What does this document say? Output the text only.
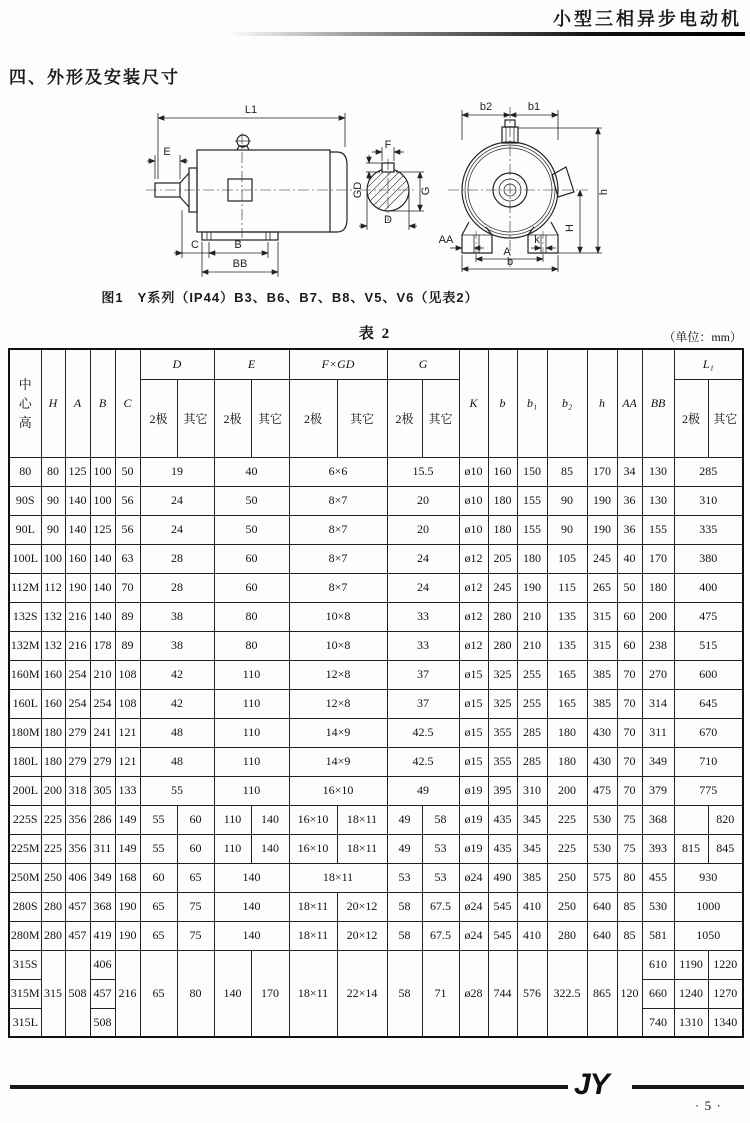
小型三相异步电动机
四、外形及安装尺寸
L1
E
C	B
BB
F
GD	G
D
b2	b1
h
H
AA	k
A
b
图1　Y系列（IP44）B3、B6、B7、B8、V5、V6（见表2）
表 2	（单位：mm）
中心高	H	A	B	C	D		E		F×GD		G		K	b	b₁	b₂	h	AA	BB	L₁	
					2极	其它	2极	其它	2极	其它	2极	其它								2极	其它
80	80	125	100	50	19		40		6×6		15.5		ø10	160	150	85	170	34	130	285	
90S	90	140	100	56	24		50		8×7		20		ø10	180	155	90	190	36	130	310	
90L	90	140	125	56	24		50		8×7		20		ø10	180	155	90	190	36	155	335	
100L	100	160	140	63	28		60		8×7		24		ø12	205	180	105	245	40	170	380	
112M	112	190	140	70	28		60		8×7		24		ø12	245	190	115	265	50	180	400	
132S	132	216	140	89	38		80		10×8		33		ø12	280	210	135	315	60	200	475	
132M	132	216	178	89	38		80		10×8		33		ø12	280	210	135	315	60	238	515	
160M	160	254	210	108	42		110		12×8		37		ø15	325	255	165	385	70	270	600	
160L	160	254	254	108	42		110		12×8		37		ø15	325	255	165	385	70	314	645	
180M	180	279	241	121	48		110		14×9		42.5		ø15	355	285	180	430	70	311	670	
180L	180	279	279	121	48		110		14×9		42.5		ø15	355	285	180	430	70	349	710	
200L	200	318	305	133	55		110		16×10		49		ø19	395	310	200	475	70	379	775	
225S	225	356	286	149	55	60	110	140	16×10	18×11	49	58	ø19	435	345	225	530	75	368		820
225M	225	356	311	149	55	60	110	140	16×10	18×11	49	53	ø19	435	345	225	530	75	393	815	845
250M	250	406	349	168	60	65	140		18×11		53	53	ø24	490	385	250	575	80	455	930	
280S	280	457	368	190	65	75	140		18×11	20×12	58	67.5	ø24	545	410	250	640	85	530	1000	
280M	280	457	419	190	65	75	140		18×11	20×12	58	67.5	ø24	545	410	280	640	85	581	1050	
315S	315	508	406	216	65	80	140	170	18×11	22×14	58	71	ø28	744	576	322.5	865	120	610	1190	1220
315M			457																660	1240	1270
315L			508																740	1310	1340
JY
· 5 ·
